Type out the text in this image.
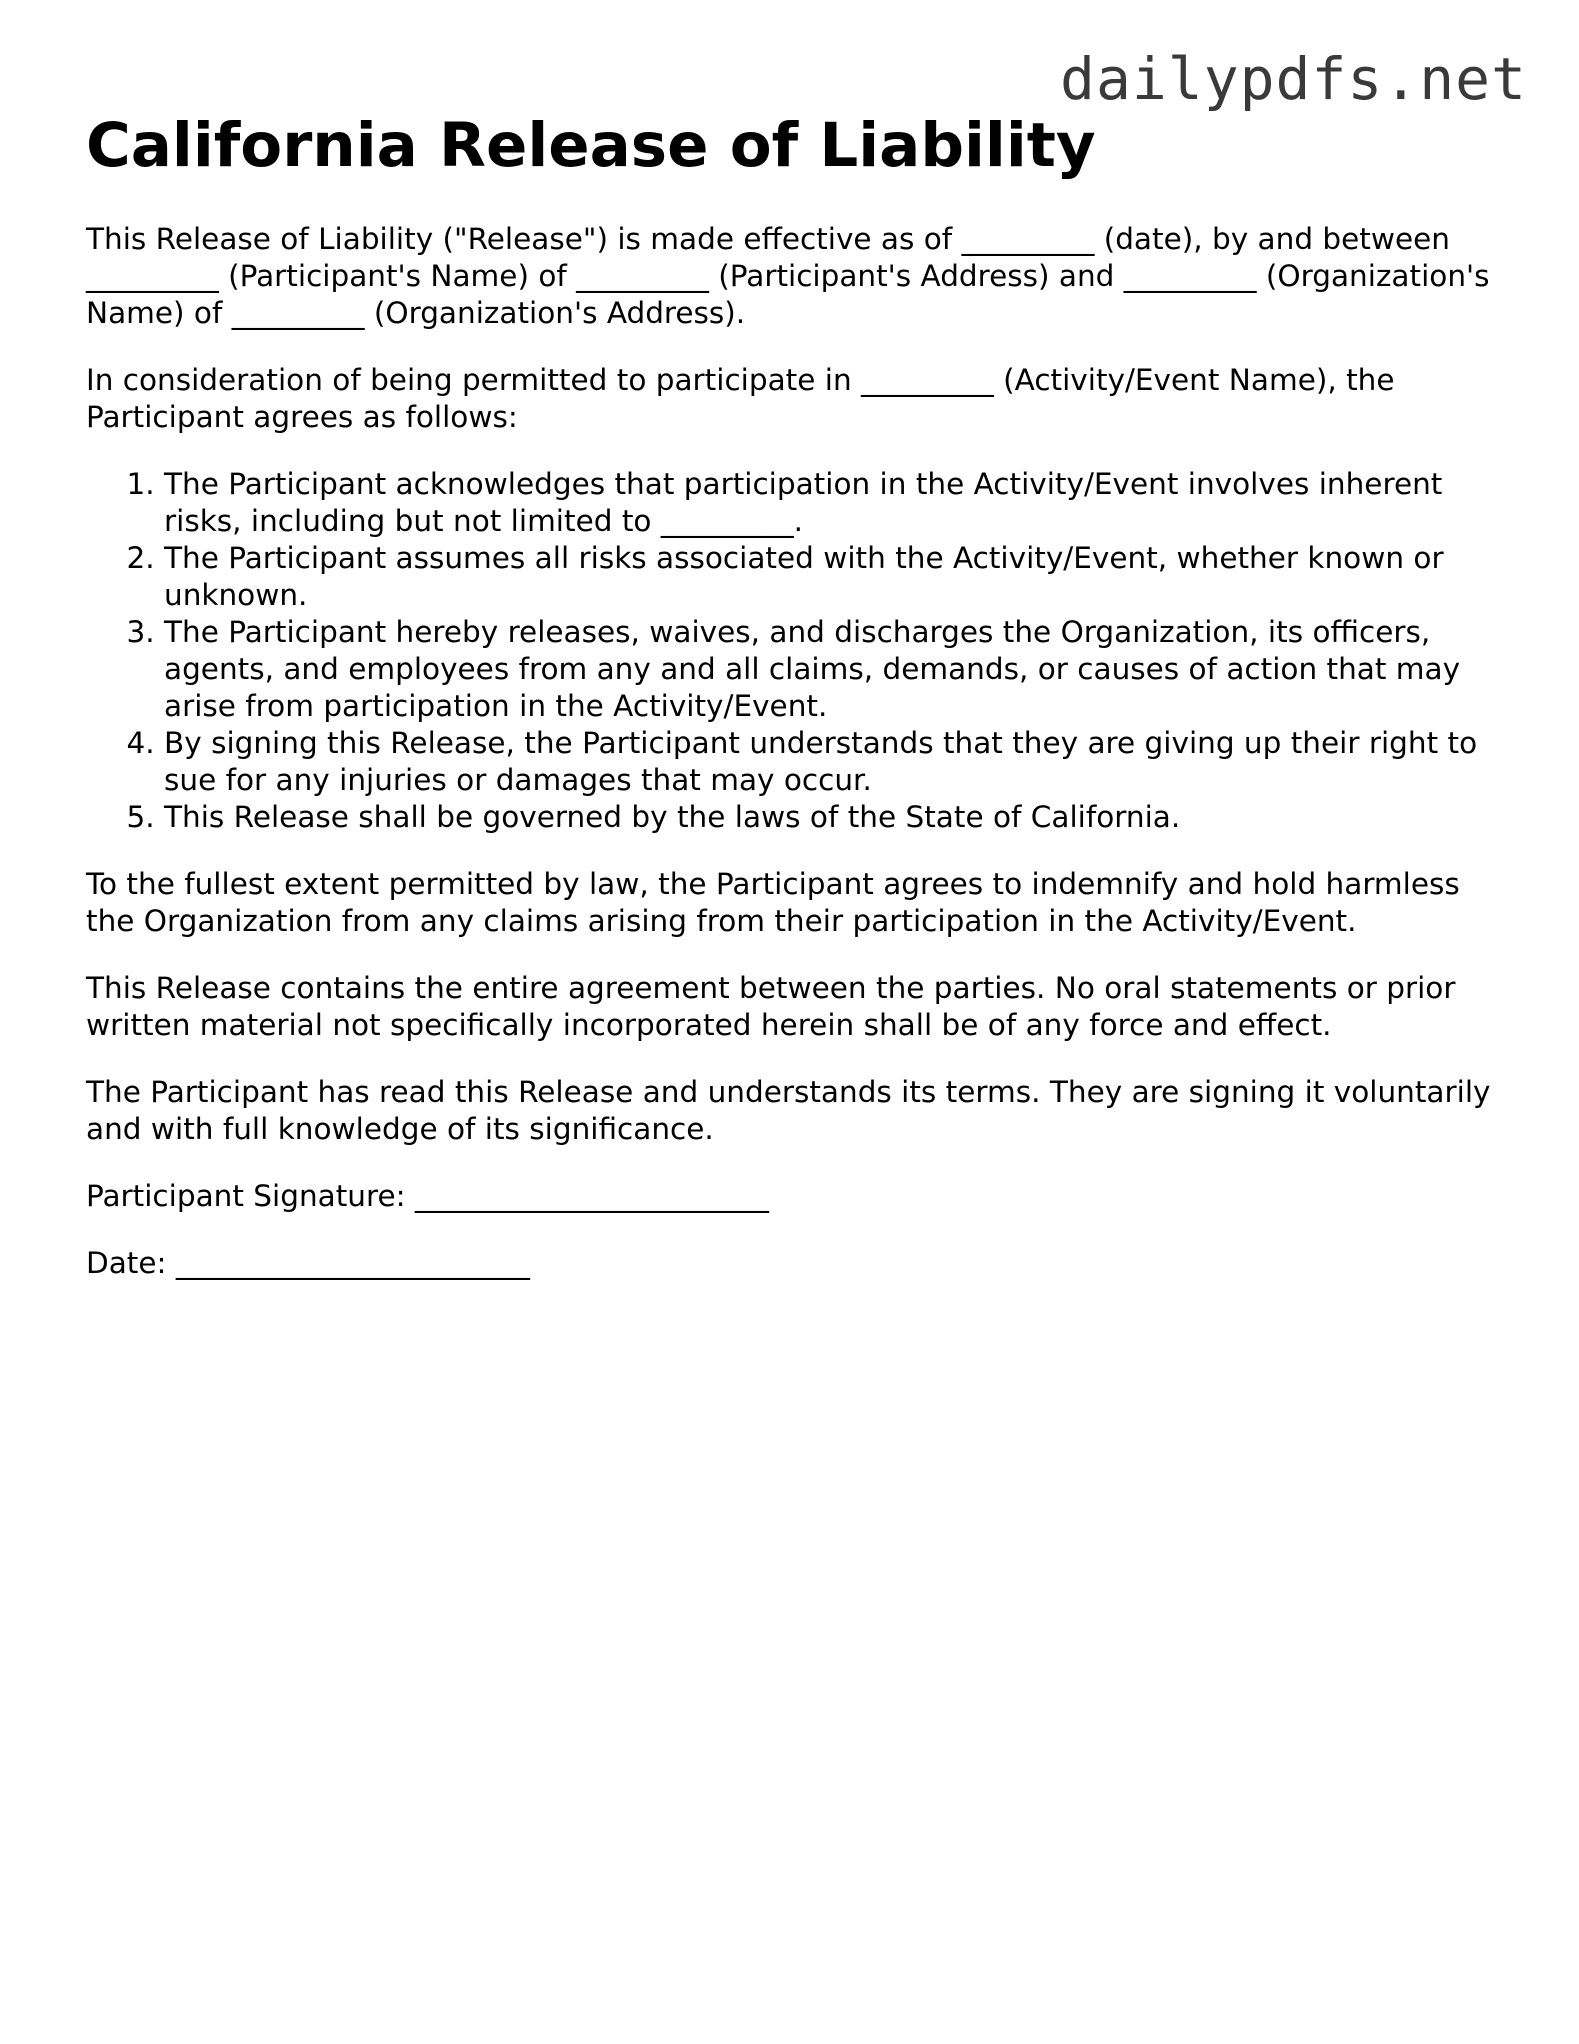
dailypdfs.net
California Release of Liability

This Release of Liability ("Release") is made effective as of _________ (date), by and between _________ (Participant's Name) of _________ (Participant's Address) and _________ (Organization's Name) of _________ (Organization's Address).

In consideration of being permitted to participate in _________ (Activity/Event Name), the Participant agrees as follows:

1. The Participant acknowledges that participation in the Activity/Event involves inherent risks, including but not limited to _________.
2. The Participant assumes all risks associated with the Activity/Event, whether known or unknown.
3. The Participant hereby releases, waives, and discharges the Organization, its officers, agents, and employees from any and all claims, demands, or causes of action that may arise from participation in the Activity/Event.
4. By signing this Release, the Participant understands that they are giving up their right to sue for any injuries or damages that may occur.
5. This Release shall be governed by the laws of the State of California.

To the fullest extent permitted by law, the Participant agrees to indemnify and hold harmless the Organization from any claims arising from their participation in the Activity/Event.

This Release contains the entire agreement between the parties. No oral statements or prior written material not specifically incorporated herein shall be of any force and effect.

The Participant has read this Release and understands its terms. They are signing it voluntarily and with full knowledge of its significance.

Participant Signature: ________________________

Date: ________________________
